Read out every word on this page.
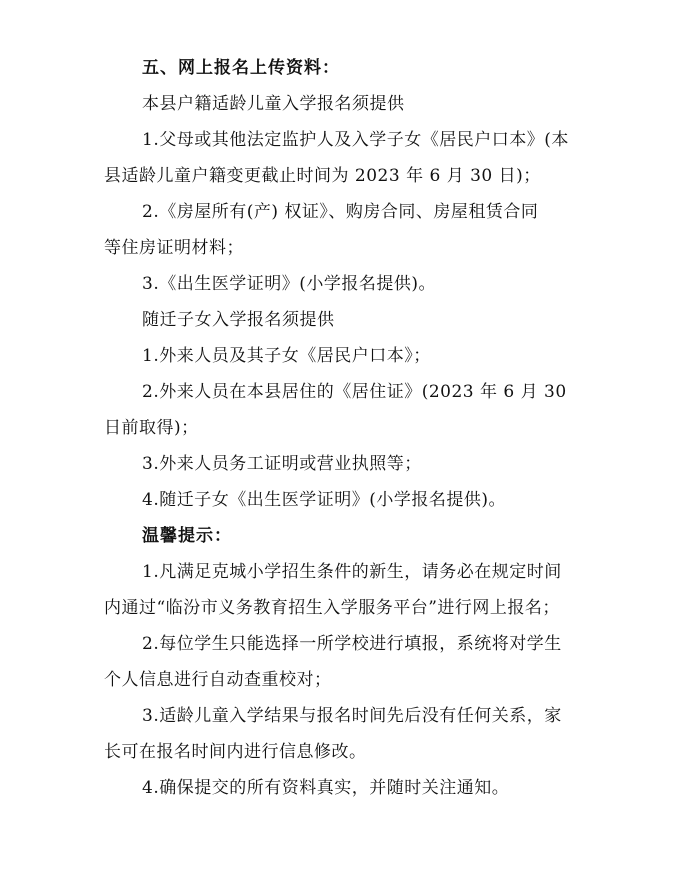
五、网上报名上传资料：
本县户籍适龄儿童入学报名须提供
1.父母或其他法定监护人及入学子女《居民户口本》(本
县适龄儿童户籍变更截止时间为 2023 年 6 月 30 日)；
2.《房屋所有(产) 权证》、购房合同、房屋租赁合同
等住房证明材料；
3.《出生医学证明》(小学报名提供)。
随迁子女入学报名须提供
1.外来人员及其子女《居民户口本》；
2.外来人员在本县居住的《居住证》(2023 年 6 月 30
日前取得)；
3.外来人员务工证明或营业执照等；
4.随迁子女《出生医学证明》(小学报名提供)。
温馨提示：
1.凡满足克城小学招生条件的新生，请务必在规定时间
内通过“临汾市义务教育招生入学服务平台”进行网上报名；
2.每位学生只能选择一所学校进行填报，系统将对学生
个人信息进行自动查重校对；
3.适龄儿童入学结果与报名时间先后没有任何关系，家
长可在报名时间内进行信息修改。
4.确保提交的所有资料真实，并随时关注通知。
